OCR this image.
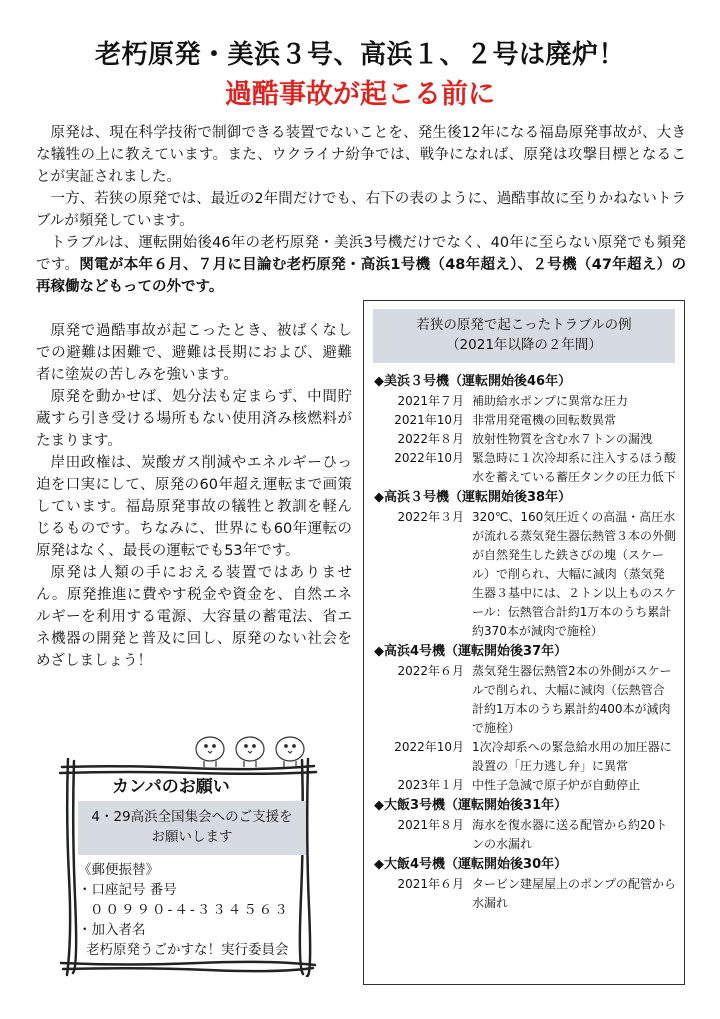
老朽原発・美浜３号、高浜１、２号は廃炉！
過酷事故が起こる前に

原発は、現在科学技術で制御できる装置でないことを、発生後12年になる福島原発事故が、大きな犠牲の上に教えています。また、ウクライナ紛争では、戦争になれば、原発は攻撃目標となることが実証されました。

一方、若狭の原発では、最近の2年間だけでも、右下の表のように、過酷事故に至りかねないトラブルが頻発しています。

トラブルは、運転開始後46年の老朽原発・美浜3号機だけでなく、40年に至らない原発でも頻発です。関電が本年６月、７月に目論む老朽原発・高浜1号機（48年超え）、２号機（47年超え）の再稼働などもっての外です。

原発で過酷事故が起こったとき、被ばくなしでの避難は困難で、避難は長期におよび、避難者に塗炭の苦しみを強います。

原発を動かせば、処分法も定まらず、中間貯蔵すら引き受ける場所もない使用済み核燃料がたまります。

岸田政権は、炭酸ガス削減やエネルギーひっ迫を口実にして、原発の60年超え運転まで画策しています。福島原発事故の犠牲と教訓を軽んじるものです。ちなみに、世界にも60年運転の原発はなく、最長の運転でも53年です。

原発は人類の手におえる装置ではありません。原発推進に費やす税金や資金を、自然エネルギーを利用する電源、大容量の蓄電法、省エネ機器の開発と普及に回し、原発のない社会をめざしましょう！

若狭の原発で起こったトラブルの例
（2021年以降の２年間）
◆美浜３号機（運転開始後46年）
2021年７月 補助給水ポンプに異常な圧力
2021年10月 非常用発電機の回転数異常
2022年８月 放射性物質を含む水７トンの漏洩
2022年10月 緊急時に１次冷却系に注入するほう酸水を蓄えている蓄圧タンクの圧力低下
◆高浜３号機（運転開始後38年）
2022年３月 320℃、160気圧近くの高温・高圧水が流れる蒸気発生器伝熱管３本の外側が自然発生した鉄さびの塊（スケール）で削られ、大幅に減肉（蒸気発生器３基中には、２トン以上ものスケール：伝熱管合計約1万本のうち累計約370本が減肉で施栓）
◆高浜4号機（運転開始後37年）
2022年６月 蒸気発生器伝熱管2本の外側がスケールで削られ、大幅に減肉（伝熱管合計約1万本のうち累計約400本が減肉で施栓）
2022年10月 1次冷却系への緊急給水用の加圧器に設置の「圧力逃し弁」に異常
2023年１月 中性子急減で原子炉が自動停止
◆大飯3号機（運転開始後31年）
2021年８月 海水を復水器に送る配管から約20トンの水漏れ
◆大飯4号機（運転開始後30年）
2021年６月 タービン建屋屋上のポンプの配管から水漏れ
カンパのお願い
4・29高浜全国集会へのご支援を
お願いします
《郵便振替》
・口座記号 番号
００９９０-４-３３４５６３
・加入者名
老朽原発うごかすな！実行委員会
